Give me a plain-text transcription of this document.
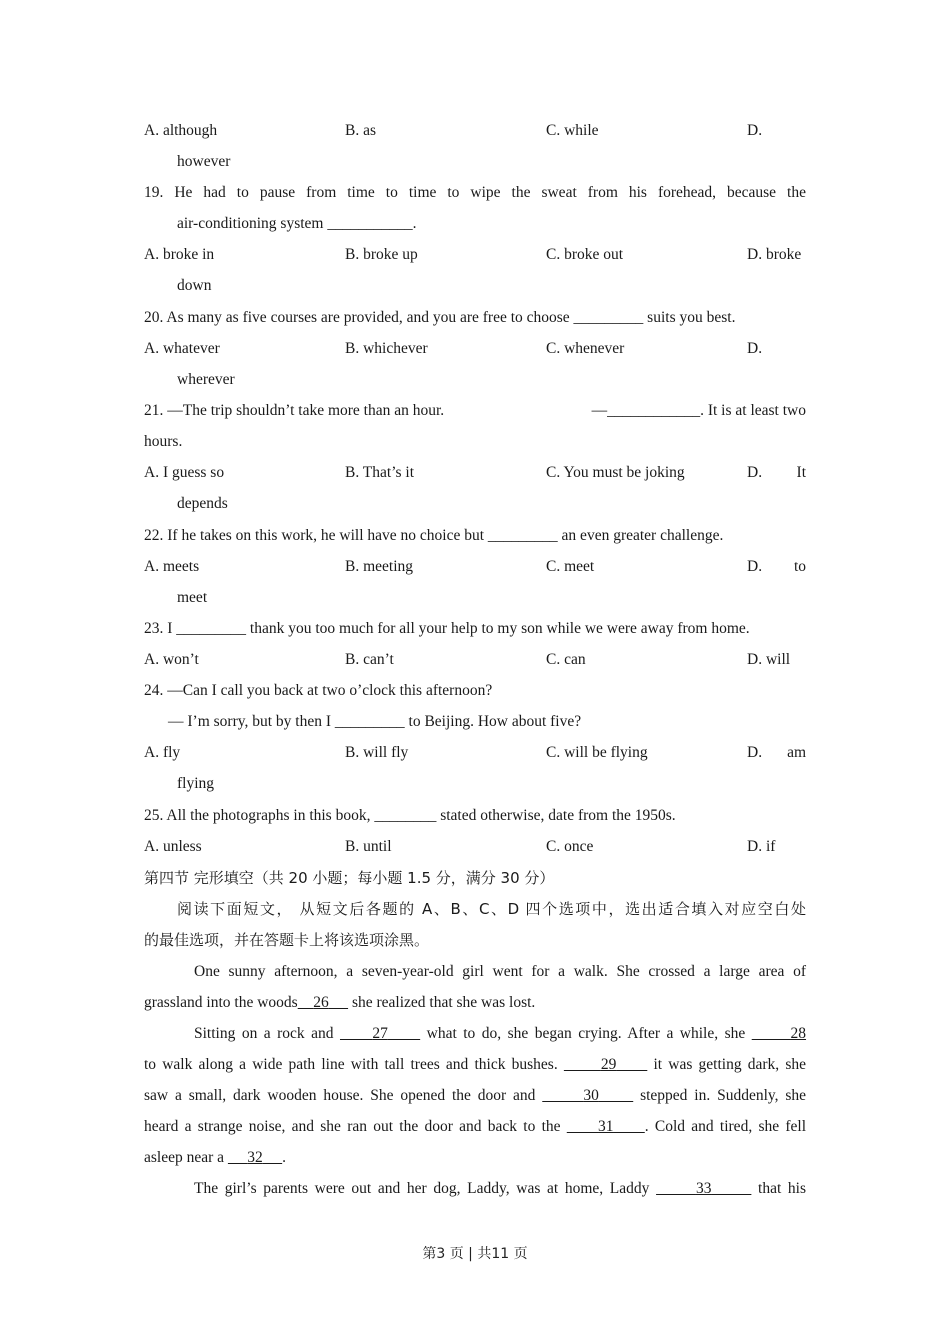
A. although	B. as	C. while	D.
however
19. He had to pause from time to time to wipe the sweat from his forehead, because the
air-conditioning system ___________.
A. broke in	B. broke up	C. broke out	D. broke
down
20. As many as five courses are provided, and you are free to choose _________ suits you best.
A. whatever	B. whichever	C. whenever	D.
wherever
21. —The trip shouldn’t take more than an hour.	—____________. It is at least two
hours.
A. I guess so	B. That’s it	C. You must be joking	D. It
depends
22. If he takes on this work, he will have no choice but _________ an even greater challenge.
A. meets	B. meeting	C. meet	D. to
meet
23. I _________ thank you too much for all your help to my son while we were away from home.
A. won’t	B. can’t	C. can	D. will
24. —Can I call you back at two o’clock this afternoon?
— I’m sorry, but by then I _________ to Beijing. How about five?
A. fly	B. will fly	C. will be flying	D. am
flying
25. All the photographs in this book, ________ stated otherwise, date from the 1950s.
A. unless	B. until	C. once	D. if
第四节 完形填空（共 20 小题；每小题 1.5 分，满分 30 分）
阅读下面短文， 从短文后各题的 A、B、C、D 四个选项中，选出适合填入对应空白处
的最佳选项，并在答题卡上将该选项涂黑。
One sunny afternoon, a seven-year-old girl went for a walk. She crossed a large area of
grassland into the woods 26      she realized that she was lost.
Sitting on a rock and      27      what to do, she began crying. After a while, she	28
to walk along a wide path line with tall trees and thick bushes.       29      it was getting dark, she
saw a small, dark wooden house. She opened the door and	30      stepped in. Suddenly, she
heard a strange noise, and she ran out the door and back to the      31 . Cold and tired, she fell
asleep near a      32 .
The girl’s parents were out and her dog, Laddy, was at home, Laddy	33	that his
第3 页 | 共11 页
